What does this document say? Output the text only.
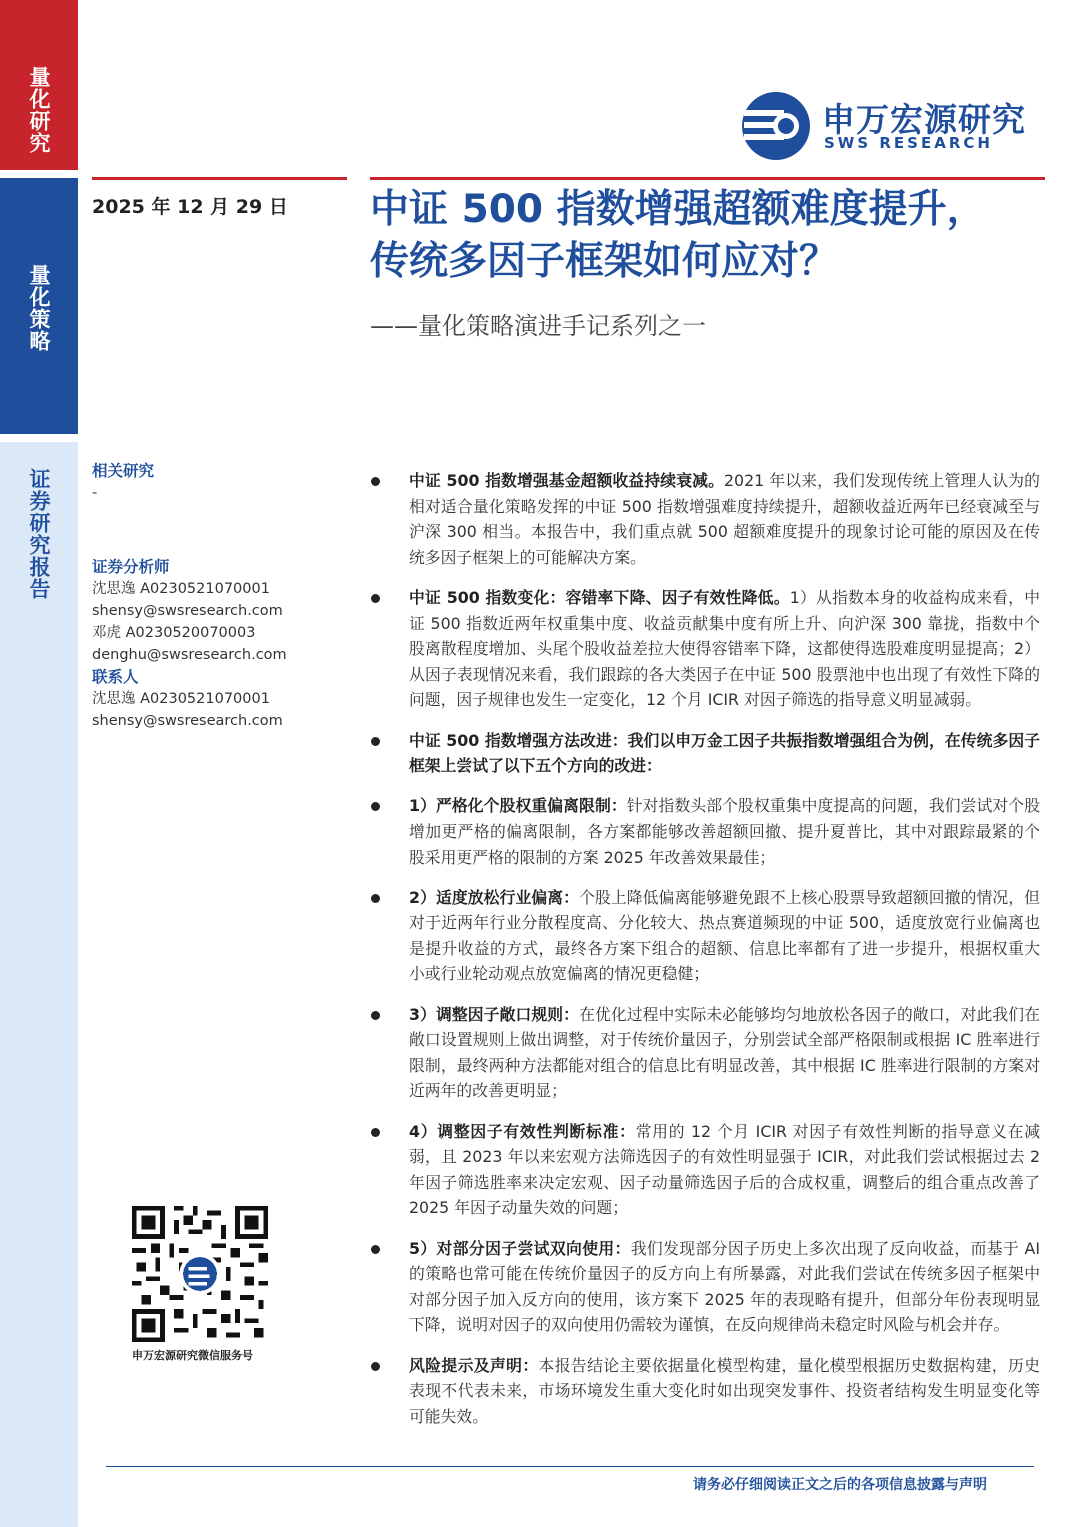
量化研究
量化策略
证券研究报告
申万宏源研究
SWS RESEARCH
2025 年 12 月 29 日 中证 500 指数增强超额难度提升，
传统多因子框架如何应对？
——量化策略演进手记系列之一
相关研究
-
证券分析师
沈思逸 A0230521070001
shensy@swsresearch.com
邓虎 A0230520070003
denghu@swsresearch.com
联系人
沈思逸 A0230521070001
shensy@swsresearch.com
申万宏源研究微信服务号
中证 500 指数增强基金超额收益持续衰减。2021 年以来，我们发现传统上管理人认为的相对适合量化策略发挥的中证 500 指数增强难度持续提升，超额收益近两年已经衰减至与沪深 300 相当。本报告中，我们重点就 500 超额难度提升的现象讨论可能的原因及在传统多因子框架上的可能解决方案。
中证 500 指数变化：容错率下降、因子有效性降低。1）从指数本身的收益构成来看，中证 500 指数近两年权重集中度、收益贡献集中度有所上升、向沪深 300 靠拢，指数中个股离散程度增加、头尾个股收益差拉大使得容错率下降，这都使得选股难度明显提高；2）从因子表现情况来看，我们跟踪的各大类因子在中证 500 股票池中也出现了有效性下降的问题，因子规律也发生一定变化，12 个月 ICIR 对因子筛选的指导意义明显减弱。
中证 500 指数增强方法改进：我们以申万金工因子共振指数增强组合为例，在传统多因子框架上尝试了以下五个方向的改进：
1）严格化个股权重偏离限制：针对指数头部个股权重集中度提高的问题，我们尝试对个股增加更严格的偏离限制，各方案都能够改善超额回撤、提升夏普比，其中对跟踪最紧的个股采用更严格的限制的方案 2025 年改善效果最佳；
2）适度放松行业偏离：个股上降低偏离能够避免跟不上核心股票导致超额回撤的情况，但对于近两年行业分散程度高、分化较大、热点赛道频现的中证 500，适度放宽行业偏离也是提升收益的方式，最终各方案下组合的超额、信息比率都有了进一步提升，根据权重大小或行业轮动观点放宽偏离的情况更稳健；
3）调整因子敞口规则：在优化过程中实际未必能够均匀地放松各因子的敞口，对此我们在敞口设置规则上做出调整，对于传统价量因子，分别尝试全部严格限制或根据 IC 胜率进行限制，最终两种方法都能对组合的信息比有明显改善，其中根据 IC 胜率进行限制的方案对近两年的改善更明显；
4）调整因子有效性判断标准：常用的 12 个月 ICIR 对因子有效性判断的指导意义在减弱，且 2023 年以来宏观方法筛选因子的有效性明显强于 ICIR，对此我们尝试根据过去 2 年因子筛选胜率来决定宏观、因子动量筛选因子后的合成权重，调整后的组合重点改善了 2025 年因子动量失效的问题；
5）对部分因子尝试双向使用：我们发现部分因子历史上多次出现了反向收益，而基于 AI 的策略也常可能在传统价量因子的反方向上有所暴露，对此我们尝试在传统多因子框架中对部分因子加入反方向的使用，该方案下 2025 年的表现略有提升，但部分年份表现明显下降，说明对因子的双向使用仍需较为谨慎，在反向规律尚未稳定时风险与机会并存。
风险提示及声明：本报告结论主要依据量化模型构建，量化模型根据历史数据构建，历史表现不代表未来，市场环境发生重大变化时如出现突发事件、投资者结构发生明显变化等可能失效。
请务必仔细阅读正文之后的各项信息披露与声明
